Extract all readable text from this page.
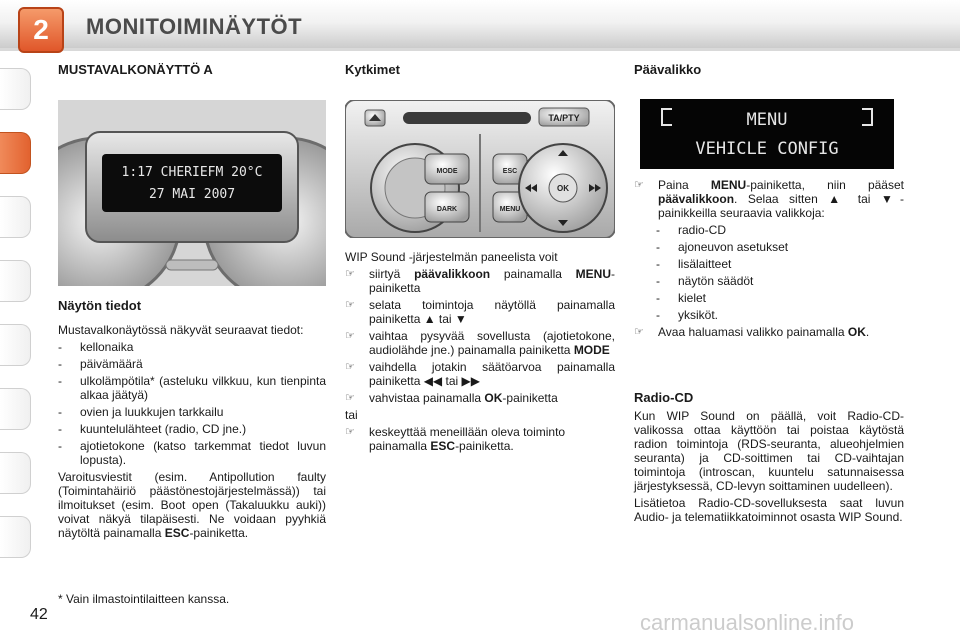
2 MONITOIMINÄYTÖT
MUSTAVALKONÄYTTÖ A
1:17 CHERIEFM 20°C
27 MAI 2007
Näytön tiedot

Mustavalkonäytössä näkyvät seuraavat tiedot:

- kellonaika
- päivämäärä
- ulkolämpötila* (asteluku vilkkuu, kun tienpinta alkaa jäätyä)
- ovien ja luukkujen tarkkailu
- kuuntelulähteet (radio, CD jne.)
- ajotietokone (katso tarkemmat tiedot luvun lopusta).

Varoitusviestit (esim. Antipollution faulty (Toimintahäiriö päästönestojärjestelmässä)) tai ilmoitukset (esim. Boot open (Takaluukku auki)) voivat näkyä tilapäisesti. Ne voidaan pyyhkiä näytöltä painamalla ESC-painiketta.

* Vain ilmastointilaitteen kanssa.
Kytkimet
TA/PTY
MODE
DARK
ESC
MENU
OK

WIP Sound -järjestelmän paneelista voit

☞ siirtyä päävalikkoon painamalla MENU-painiketta
☞ selata toimintoja näytöllä painamalla painiketta ▲ tai ▼
☞ vaihtaa pysyvää sovellusta (ajotietokone, audiolähde jne.) painamalla painiketta MODE
☞ vaihdella jotakin säätöarvoa painamalla painiketta ◀◀ tai ▶▶
☞ vahvistaa painamalla OK-painiketta

tai

☞ keskeyttää meneillään oleva toiminto painamalla ESC-painiketta.
Päävalikko
MENU
VEHICLE CONFIG
☞ Paina MENU-painiketta, niin pääset päävalikkoon. Selaa sitten ▲ tai ▼-painikkeilla seuraavia valikkoja:
- radio-CD
- ajoneuvon asetukset
- lisälaitteet
- näytön säädöt
- kielet
- yksiköt.
☞ Avaa haluamasi valikko painamalla OK.
Radio-CD

Kun WIP Sound on päällä, voit Radio-CD-valikossa ottaa käyttöön tai poistaa käytöstä radion toimintoja (RDS-seuranta, alueohjelmien seuranta) ja CD-soittimen tai CD-vaihtajan toimintoja (introscan, kuuntelu satunnaisessa järjestyksessä, CD-levyn soittaminen uudelleen).

Lisätietoa Radio-CD-sovelluksesta saat luvun Audio- ja telematiikkatoiminnot osasta WIP Sound.

42	carmanualsonline.info
